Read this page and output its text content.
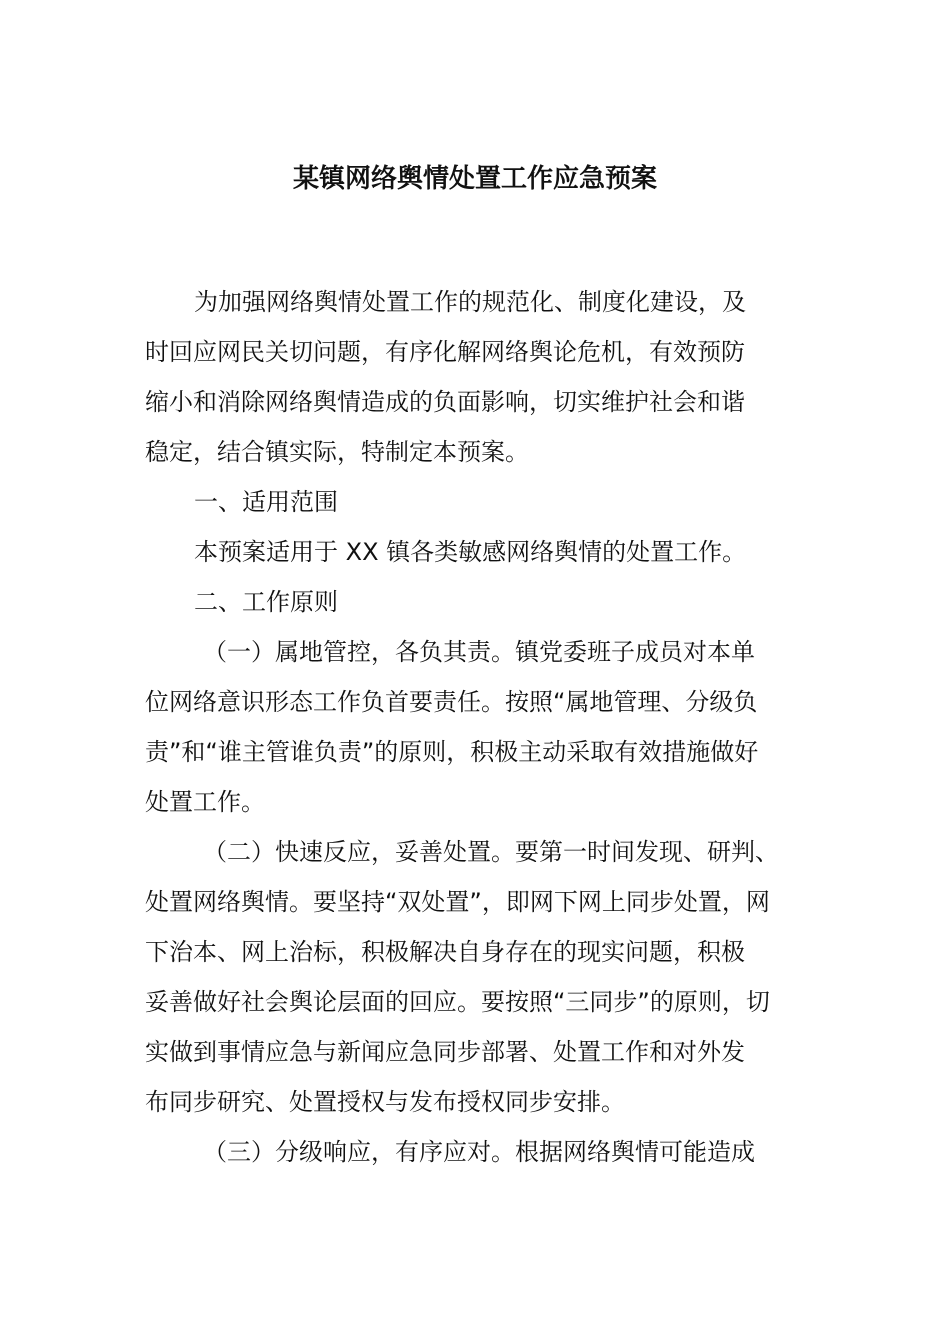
某镇网络舆情处置工作应急预案
为加强网络舆情处置工作的规范化、制度化建设，及
时回应网民关切问题，有序化解网络舆论危机，有效预防
缩小和消除网络舆情造成的负面影响，切实维护社会和谐
稳定，结合镇实际，特制定本预案。
一、适用范围
本预案适用于 XX 镇各类敏感网络舆情的处置工作。
二、工作原则
（一）属地管控，各负其责。镇党委班子成员对本单
位网络意识形态工作负首要责任。按照“属地管理、分级负
责”和“谁主管谁负责”的原则，积极主动采取有效措施做好
处置工作。
（二）快速反应，妥善处置。要第一时间发现、研判、
处置网络舆情。要坚持“双处置”，即网下网上同步处置，网
下治本、网上治标，积极解决自身存在的现实问题，积极
妥善做好社会舆论层面的回应。要按照“三同步”的原则，切
实做到事情应急与新闻应急同步部署、处置工作和对外发
布同步研究、处置授权与发布授权同步安排。
（三）分级响应，有序应对。根据网络舆情可能造成
